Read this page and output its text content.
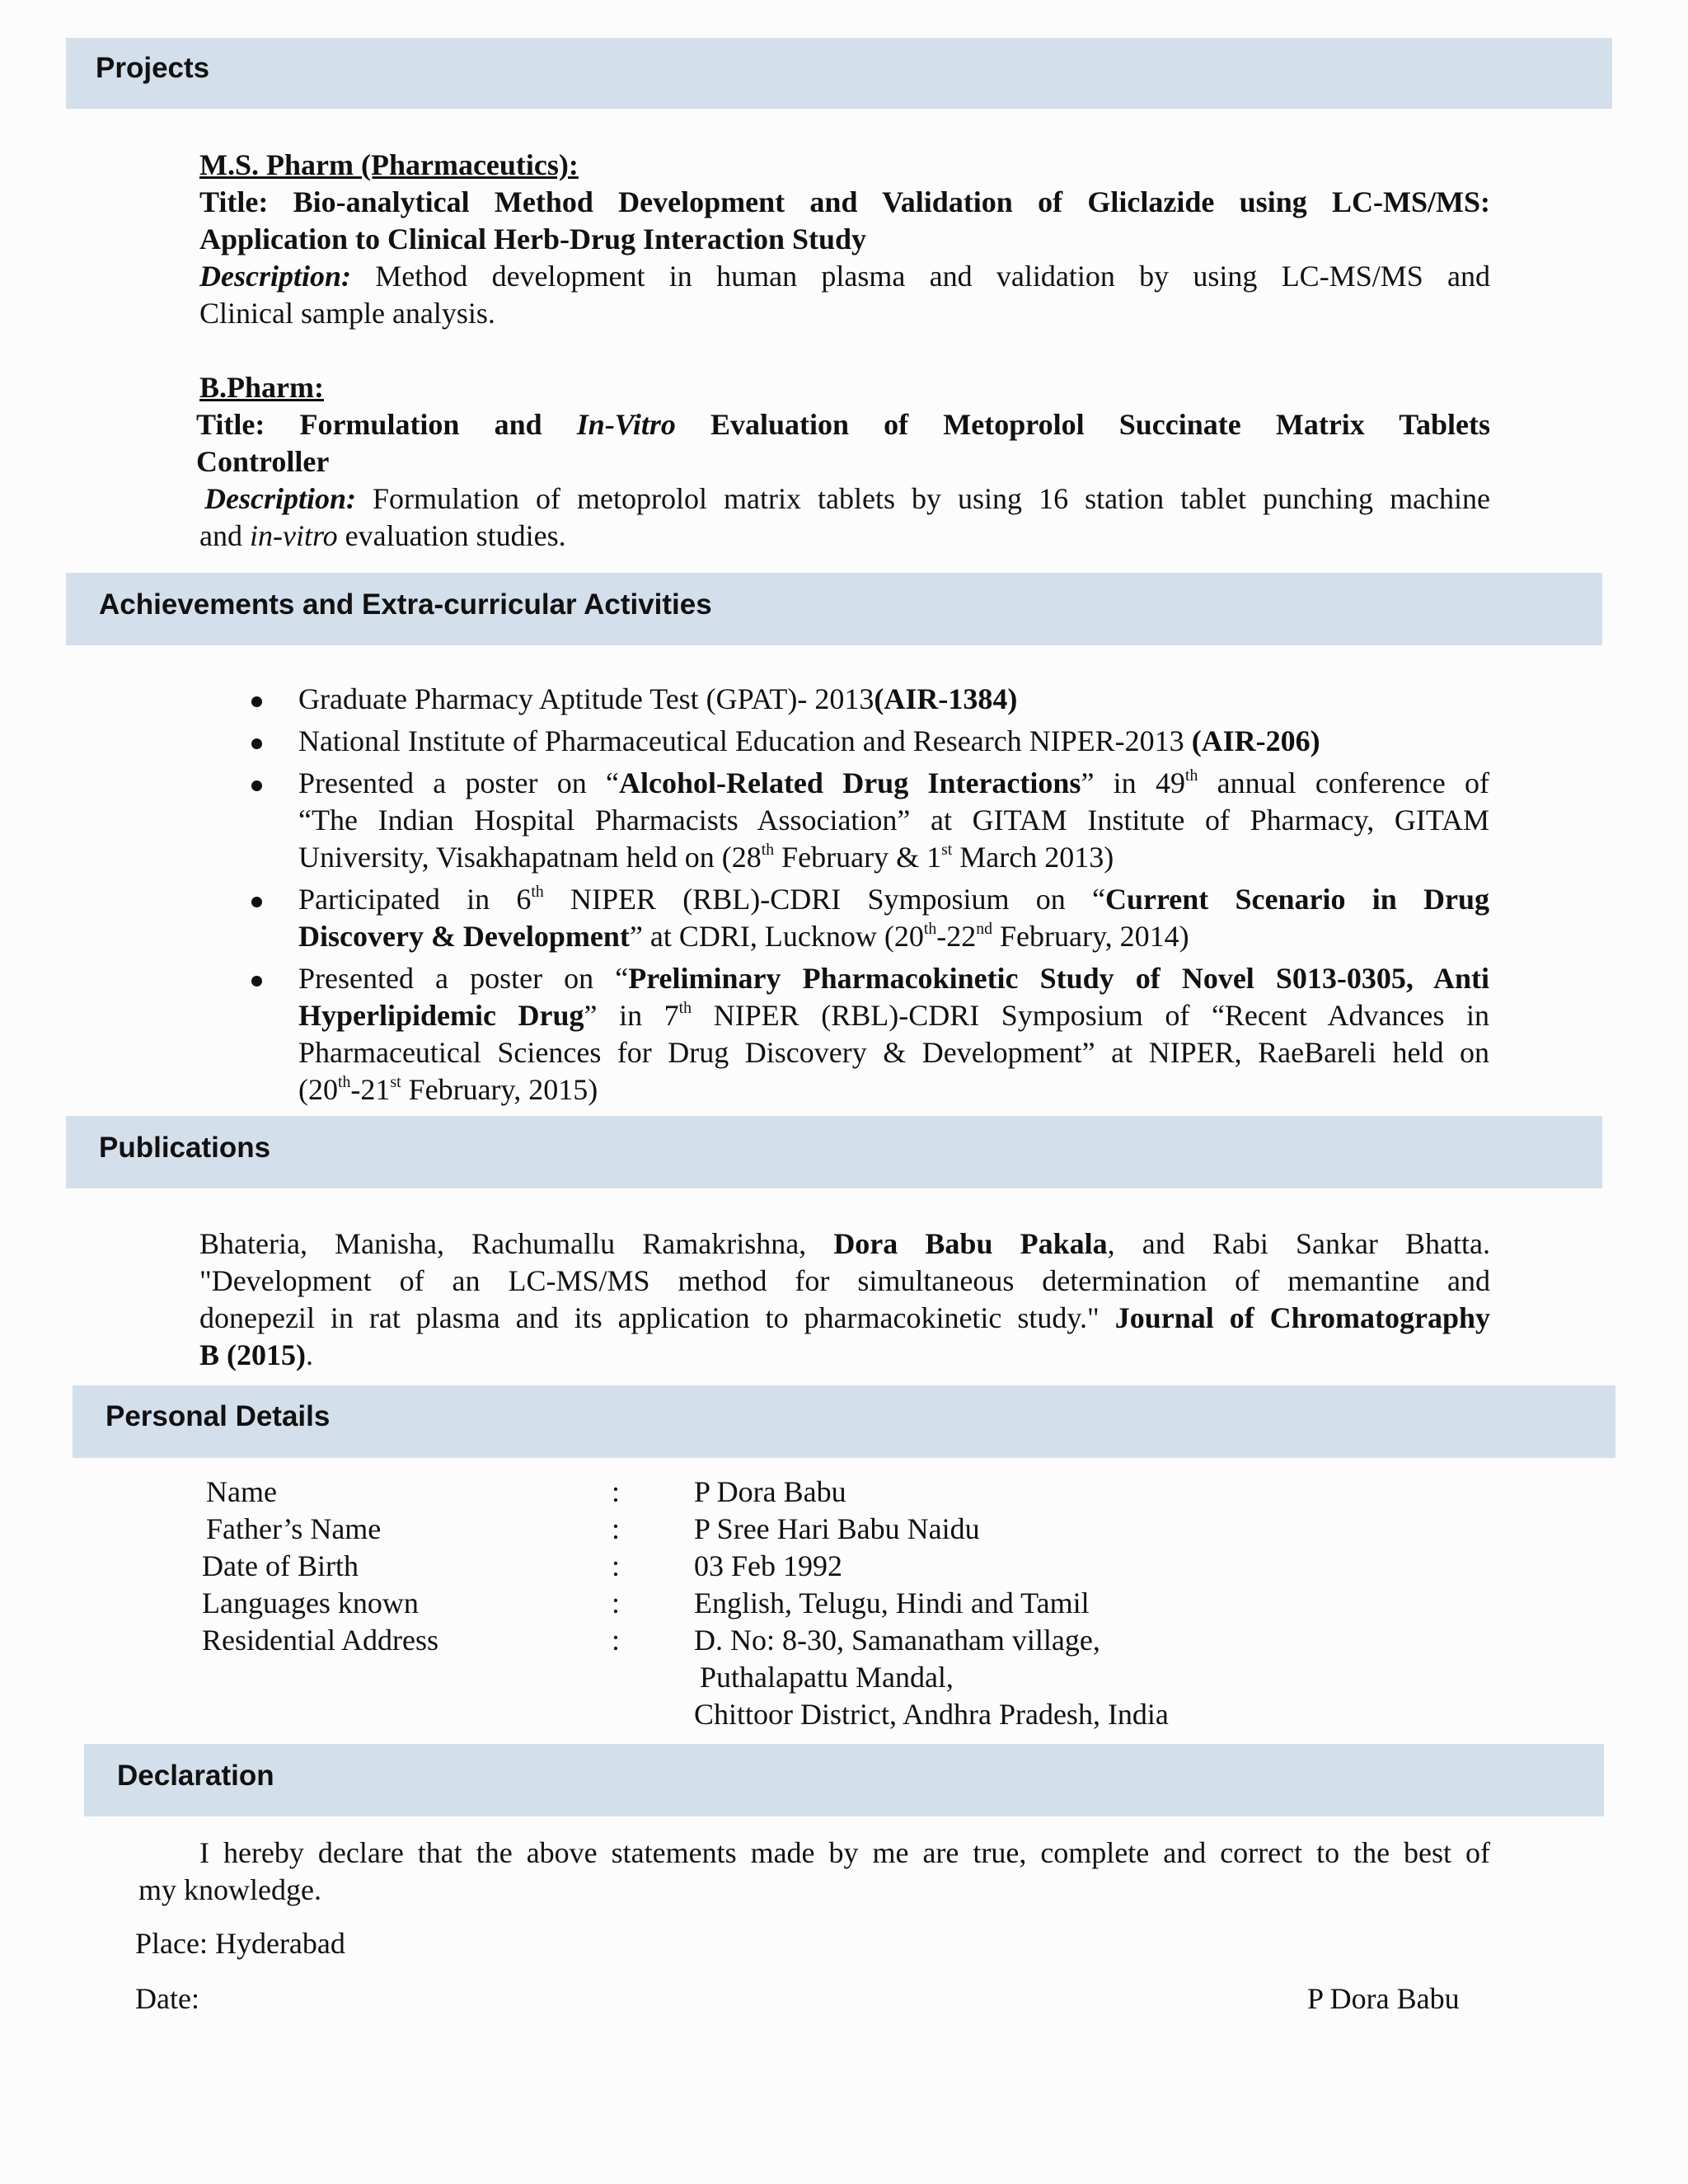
Projects
Achievements and Extra-curricular Activities
Publications
Personal Details
Declaration

M.S. Pharm (Pharmaceutics):

Title: Bio-analytical Method Development and Validation of Gliclazide using LC-MS/MS:

Application to Clinical Herb-Drug Interaction Study

Description: Method development in human plasma and validation by using LC-MS/MS and

Clinical sample analysis.

B.Pharm:

Title: Formulation and In-Vitro Evaluation of Metoprolol Succinate Matrix Tablets

Controller

Description: Formulation of metoprolol matrix tablets by using 16 station tablet punching machine

and in-vitro evaluation studies.

Graduate Pharmacy Aptitude Test (GPAT)- 2013(AIR-1384)
National Institute of Pharmaceutical Education and Research NIPER-2013 (AIR-206)

Presented a poster on “Alcohol-Related Drug Interactions” in 49th annual conference of

“The Indian Hospital Pharmacists Association” at GITAM Institute of Pharmacy, GITAM

University, Visakhapatnam held on (28th February & 1st March 2013)

Participated in 6th NIPER (RBL)-CDRI Symposium on “Current Scenario in Drug

Discovery & Development” at CDRI, Lucknow (20th-22nd February, 2014)

Presented a poster on “Preliminary Pharmacokinetic Study of Novel S013-0305, Anti

Hyperlipidemic Drug” in 7th NIPER (RBL)-CDRI Symposium of “Recent Advances in

Pharmaceutical Sciences for Drug Discovery & Development” at NIPER, RaeBareli held on

(20th-21st February, 2015)

Bhateria, Manisha, Rachumallu Ramakrishna, Dora Babu Pakala, and Rabi Sankar Bhatta.

"Development of an LC-MS/MS method for simultaneous determination of memantine and

donepezil in rat plasma and its application to pharmacokinetic study." Journal of Chromatography

B (2015).

Name	: P Dora Babu
Father’s Name	: P Sree Hari Babu Naidu
Date of Birth	: 03 Feb 1992
Languages known	: English, Telugu, Hindi and Tamil
Residential Address	: D. No: 8-30, Samanatham village,
Puthalapattu Mandal,
Chittoor District, Andhra Pradesh, India

I hereby declare that the above statements made by me are true, complete and correct to the best of

my knowledge.

Place: Hyderabad
Date:	P Dora Babu
